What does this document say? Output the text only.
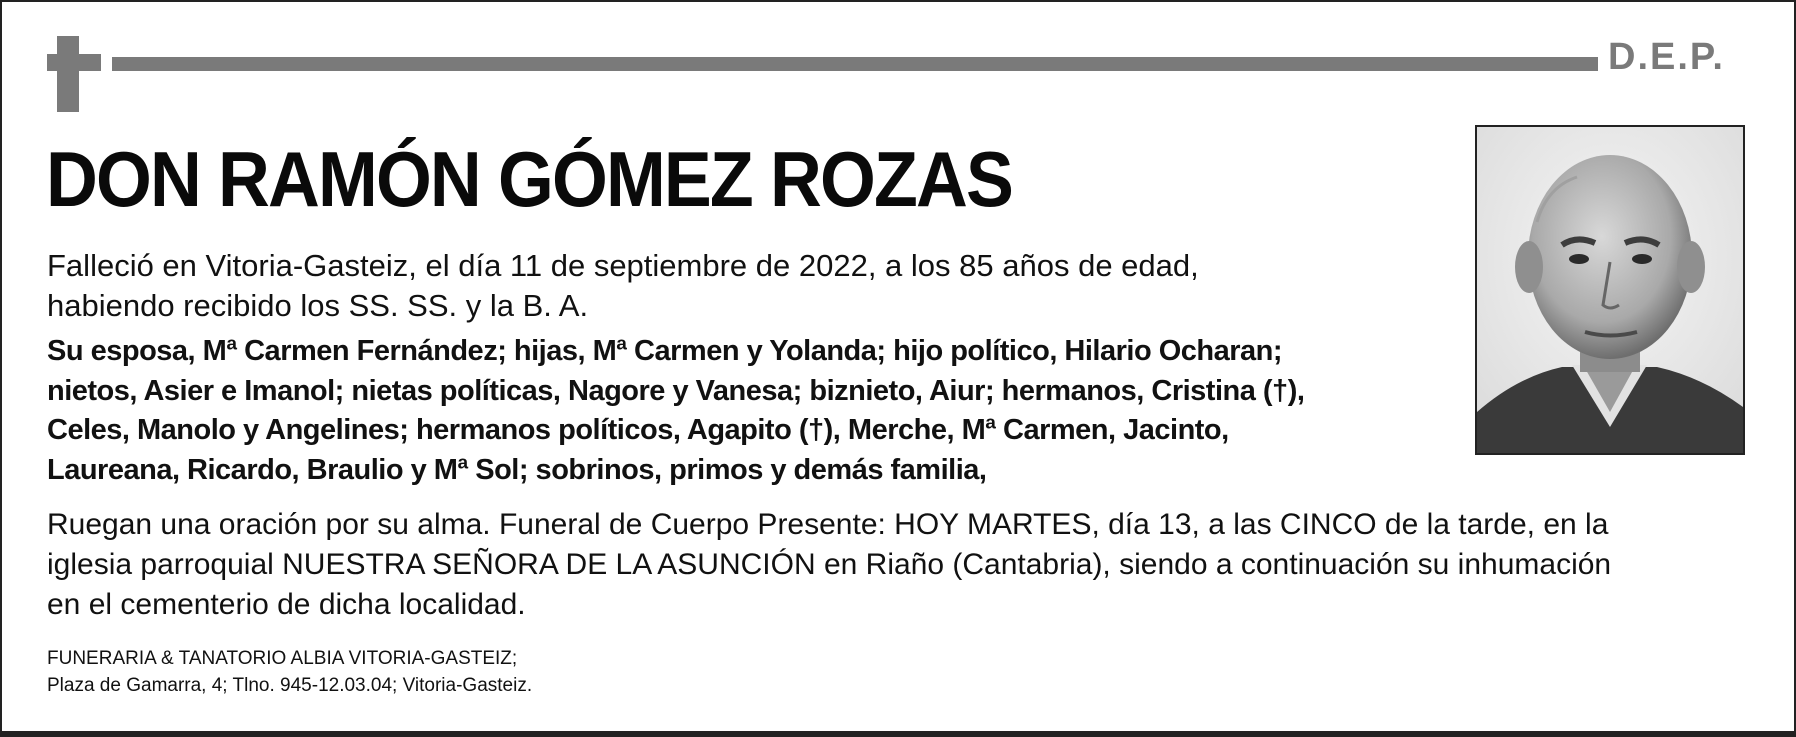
D.E.P.
DON RAMÓN GÓMEZ ROZAS
Falleció en Vitoria-Gasteiz, el día 11 de septiembre de 2022, a los 85 años de edad,
habiendo recibido los SS. SS. y la B. A.
Su esposa, Mª Carmen Fernández; hijas, Mª Carmen y Yolanda; hijo político, Hilario Ocharan;
nietos, Asier e Imanol; nietas políticas, Nagore y Vanesa; biznieto, Aiur; hermanos, Cristina (†),
Celes, Manolo y Angelines; hermanos políticos, Agapito (†), Merche, Mª Carmen, Jacinto,
Laureana, Ricardo, Braulio y Mª Sol; sobrinos, primos y demás familia,
Ruegan una oración por su alma. Funeral de Cuerpo Presente: HOY MARTES, día 13, a las CINCO de la tarde, en la
iglesia parroquial NUESTRA SEÑORA DE LA ASUNCIÓN en Riaño (Cantabria), siendo a continuación su inhumación
en el cementerio de dicha localidad.
FUNERARIA & TANATORIO ALBIA VITORIA-GASTEIZ;
Plaza de Gamarra, 4; Tlno. 945-12.03.04; Vitoria-Gasteiz.
